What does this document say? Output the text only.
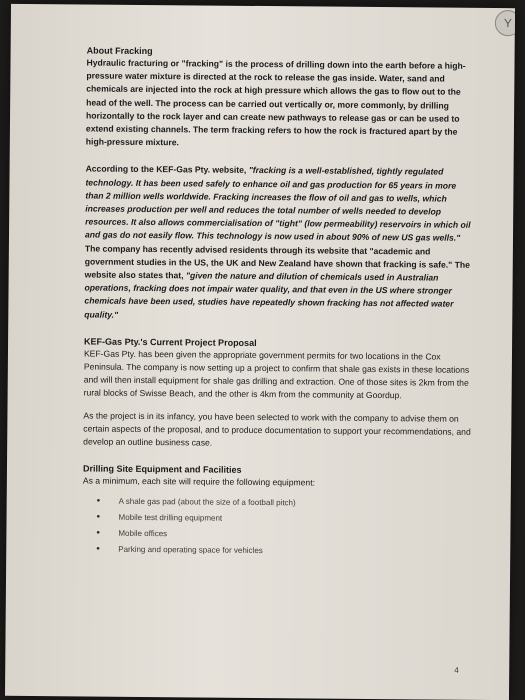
Y
About Fracking

Hydraulic fracturing or "fracking" is the process of drilling down into the earth before a high-pressure water mixture is directed at the rock to release the gas inside. Water, sand and chemicals are injected into the rock at high pressure which allows the gas to flow out to the head of the well. The process can be carried out vertically or, more commonly, by drilling horizontally to the rock layer and can create new pathways to release gas or can be used to extend existing channels. The term fracking refers to how the rock is fractured apart by the high-pressure mixture.

According to the KEF-Gas Pty. website, "fracking is a well-established, tightly regulated technology. It has been used safely to enhance oil and gas production for 65 years in more than 2 million wells worldwide. Fracking increases the flow of oil and gas to wells, which increases production per well and reduces the total number of wells needed to develop resources. It also allows commercialisation of "tight" (low permeability) reservoirs in which oil and gas do not easily flow. This technology is now used in about 90% of new US gas wells." The company has recently advised residents through its website that "academic and government studies in the US, the UK and New Zealand have shown that fracking is safe." The website also states that, "given the nature and dilution of chemicals used in Australian operations, fracking does not impair water quality, and that even in the US where stronger chemicals have been used, studies have repeatedly shown fracking has not affected water quality."

KEF-Gas Pty.'s Current Project Proposal

KEF-Gas Pty. has been given the appropriate government permits for two locations in the Cox Peninsula. The company is now setting up a project to confirm that shale gas exists in these locations and will then install equipment for shale gas drilling and extraction. One of those sites is 2km from the rural blocks of Swisse Beach, and the other is 4km from the community at Goordup.

As the project is in its infancy, you have been selected to work with the company to advise them on certain aspects of the proposal, and to produce documentation to support your recommendations, and develop an outline business case.

Drilling Site Equipment and Facilities
As a minimum, each site will require the following equipment:
• A shale gas pad (about the size of a football pitch)
• Mobile test drilling equipment
• Mobile offices
• Parking and operating space for vehicles
4
